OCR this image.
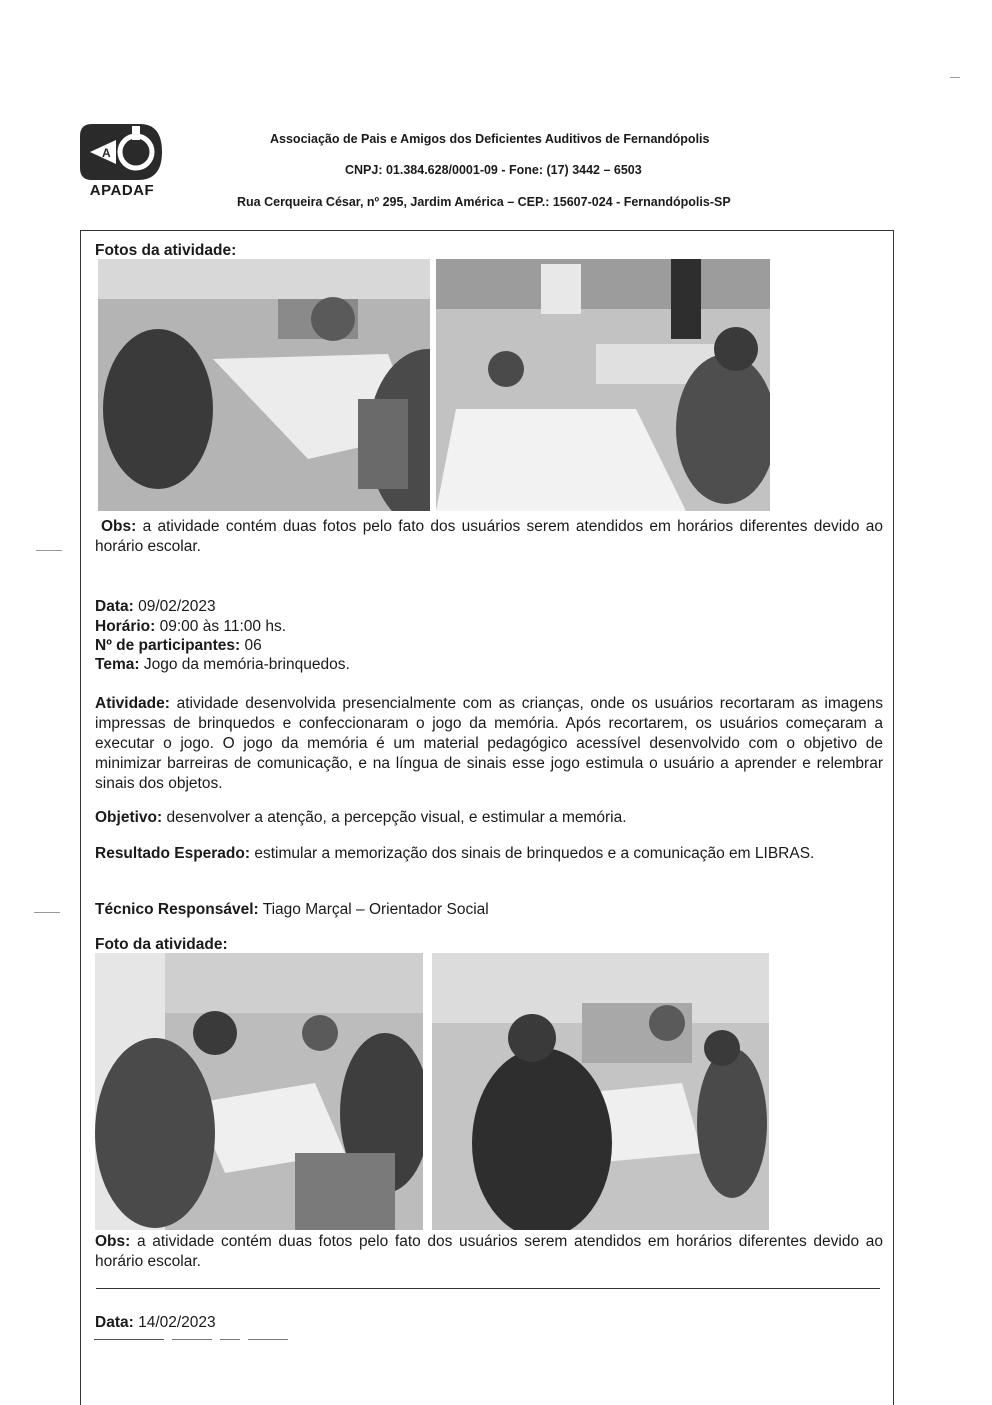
A
APADAF
Associação de Pais e Amigos dos Deficientes Auditivos de Fernandópolis
CNPJ: 01.384.628/0001-09 - Fone: (17) 3442 – 6503
Rua Cerqueira César, nº 295, Jardim América – CEP.: 15607-024 - Fernandópolis-SP
Fotos da atividade:
Obs: a atividade contém duas fotos pelo fato dos usuários serem atendidos em horários diferentes devido ao horário escolar.
Data: 09/02/2023
Horário: 09:00 às 11:00 hs.
Nº de participantes: 06
Tema: Jogo da memória-brinquedos.
Atividade: atividade desenvolvida presencialmente com as crianças, onde os usuários recortaram as imagens impressas de brinquedos e confeccionaram o jogo da memória. Após recortarem, os usuários começaram a executar o jogo. O jogo da memória é um material pedagógico acessível desenvolvido com o objetivo de minimizar barreiras de comunicação, e na língua de sinais esse jogo estimula o usuário a aprender e relembrar sinais dos objetos.
Objetivo: desenvolver a atenção, a percepção visual, e estimular a memória.
Resultado Esperado: estimular a memorização dos sinais de brinquedos e a comunicação em LIBRAS.
Técnico Responsável: Tiago Marçal – Orientador Social
Foto da atividade:
Obs: a atividade contém duas fotos pelo fato dos usuários serem atendidos em horários diferentes devido ao horário escolar.
Data: 14/02/2023
